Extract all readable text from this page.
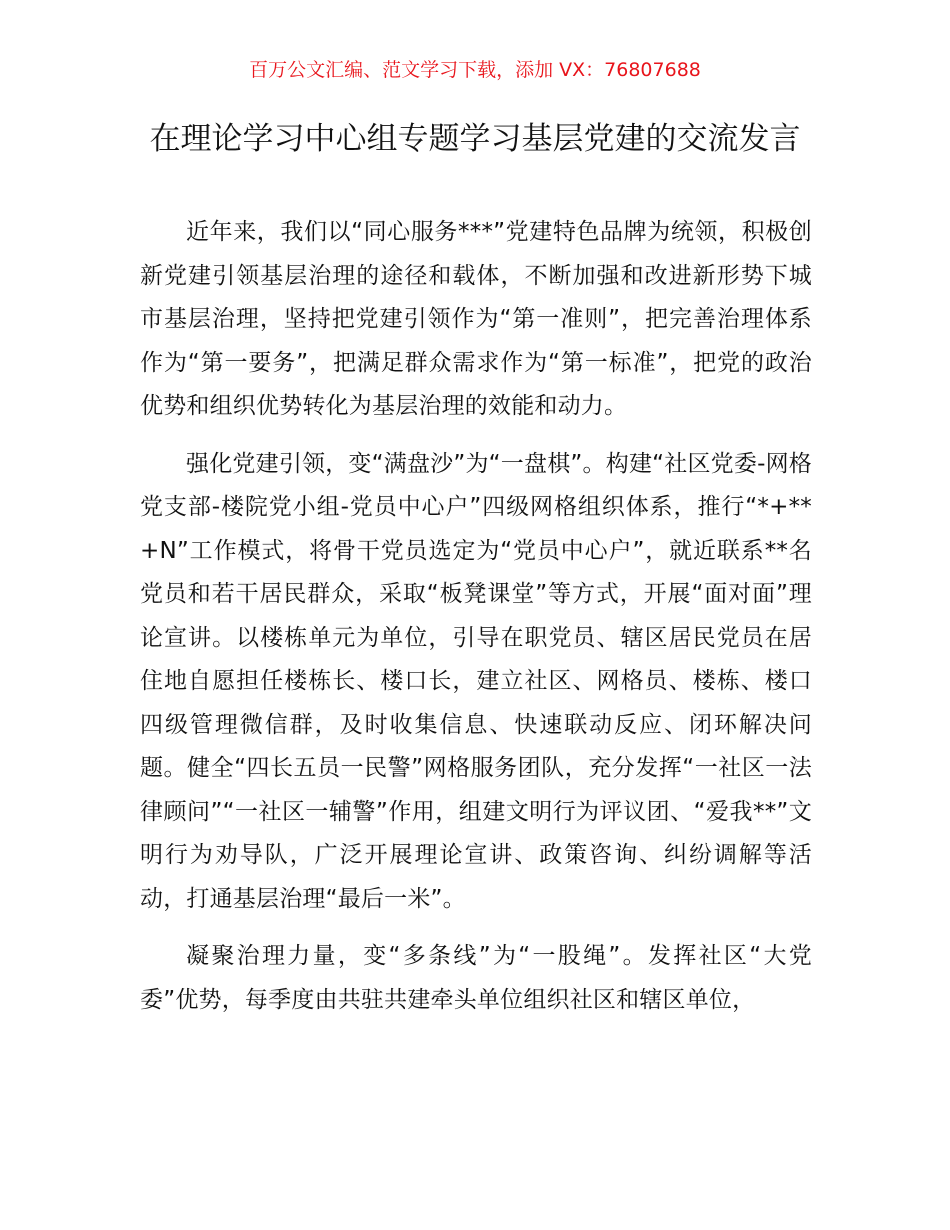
百万公文汇编、范文学习下载，添加 VX：76807688
在理论学习中心组专题学习基层党建的交流发言

近年来，我们以“同心服务***”党建特色品牌为统领，积极创新党建引领基层治理的途径和载体，不断加强和改进新形势下城市基层治理，坚持把党建引领作为“第一准则”，把完善治理体系作为“第一要务”，把满足群众需求作为“第一标准”，把党的政治优势和组织优势转化为基层治理的效能和动力。

强化党建引领，变“满盘沙”为“一盘棋”。构建“社区党委-网格党支部-楼院党小组-党员中心户”四级网格组织体系，推行“*+**+N”工作模式，将骨干党员选定为“党员中心户”，就近联系**名党员和若干居民群众，采取“板凳课堂”等方式，开展“面对面”理论宣讲。以楼栋单元为单位，引导在职党员、辖区居民党员在居住地自愿担任楼栋长、楼口长，建立社区、网格员、楼栋、楼口四级管理微信群，及时收集信息、快速联动反应、闭环解决问题。健全“四长五员一民警”网格服务团队，充分发挥“一社区一法律顾问”“一社区一辅警”作用，组建文明行为评议团、“爱我**”文明行为劝导队，广泛开展理论宣讲、政策咨询、纠纷调解等活动，打通基层治理“最后一米”。

凝聚治理力量，变“多条线”为“一股绳”。发挥社区“大党委”优势，每季度由共驻共建牵头单位组织社区和辖区单位，
